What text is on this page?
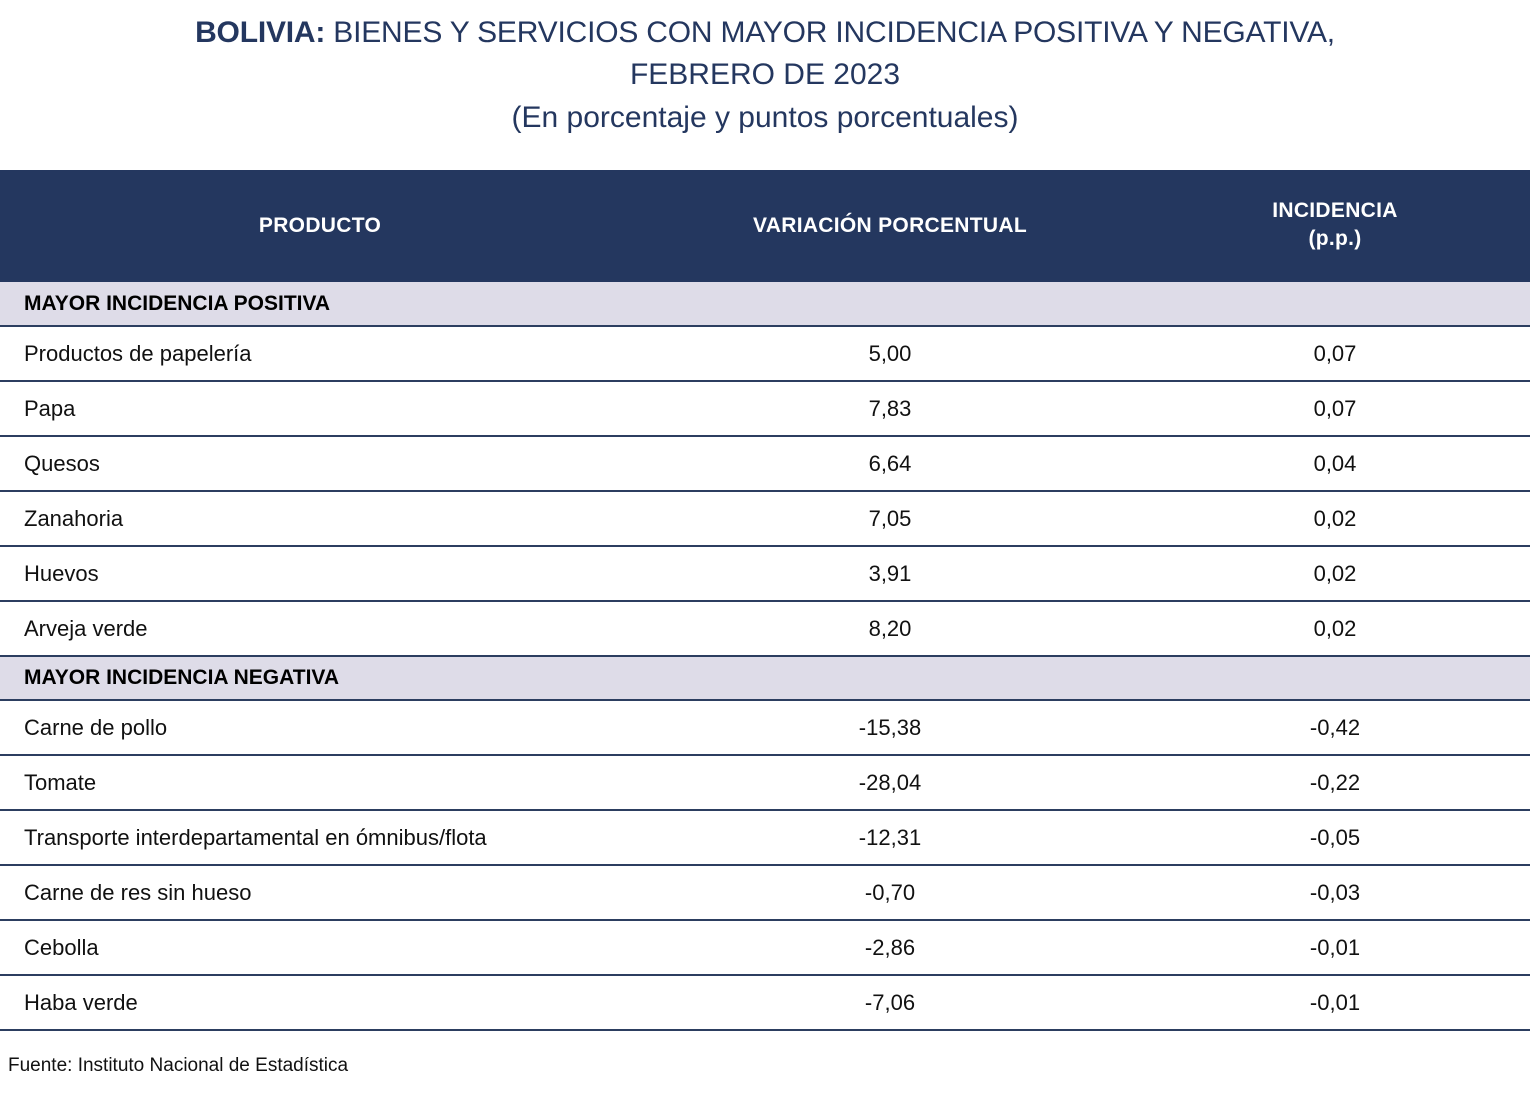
BOLIVIA: BIENES Y SERVICIOS CON MAYOR INCIDENCIA POSITIVA Y NEGATIVA,
FEBRERO DE 2023
(En porcentaje y puntos porcentuales)
PRODUCTO	VARIACIÓN PORCENTUAL	INCIDENCIA
(p.p.)

MAYOR INCIDENCIA POSITIVA		
Productos de papelería	5,00	0,07
Papa	7,83	0,07
Quesos	6,64	0,04
Zanahoria	7,05	0,02
Huevos	3,91	0,02
Arveja verde	8,20	0,02
MAYOR INCIDENCIA NEGATIVA		
Carne de pollo	-15,38	-0,42
Tomate	-28,04	-0,22
Transporte interdepartamental en ómnibus/flota	-12,31	-0,05
Carne de res sin hueso	-0,70	-0,03
Cebolla	-2,86	-0,01
Haba verde	-7,06	-0,01
Fuente: Instituto Nacional de Estadística
